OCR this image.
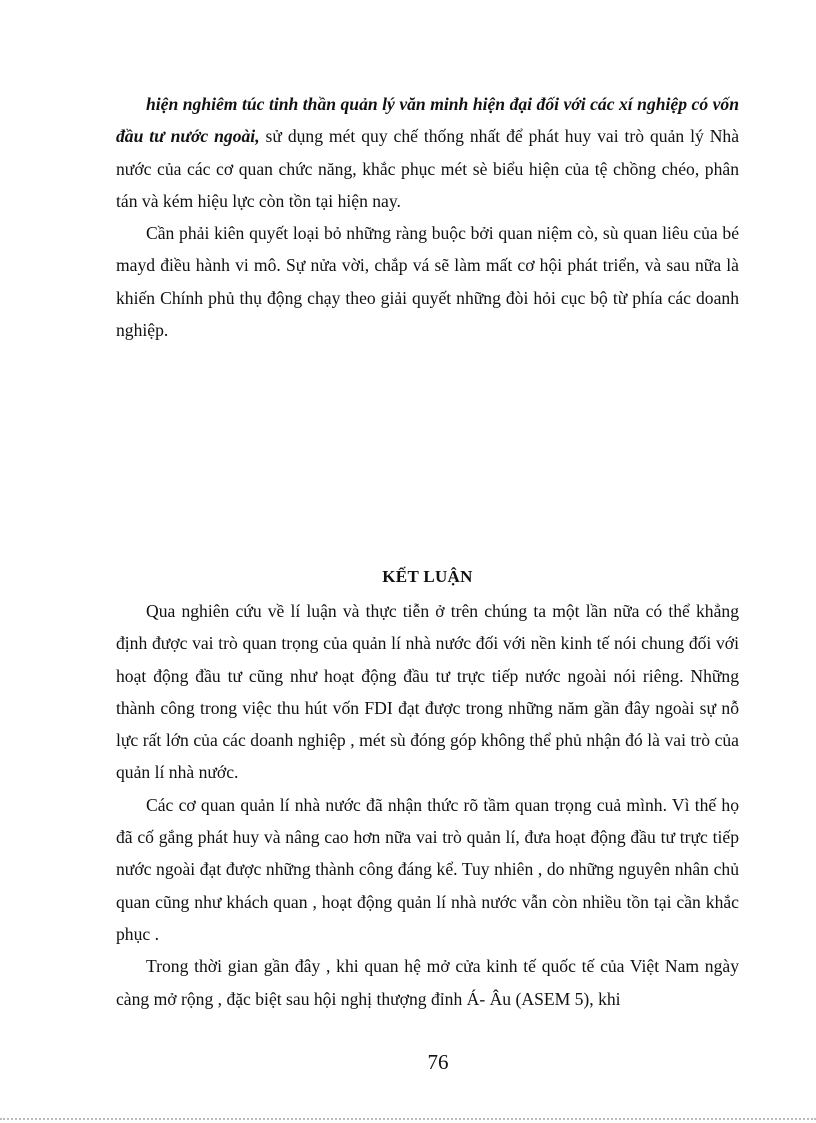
hiện nghiêm túc tinh thần quản lý văn minh hiện đại đối với các xí nghiệp có vốn đầu tư nước ngoài, sử dụng mét quy chế thống nhất để phát huy vai trò quản lý Nhà nước của các cơ quan chức năng, khắc phục mét sè biểu hiện của tệ chồng chéo, phân tán và kém hiệu lực còn tồn tại hiện nay.

Cần phải kiên quyết loại bỏ những ràng buộc bởi quan niệm cò, sù quan liêu của bé mayd điều hành vi mô. Sự nửa vời, chắp vá sẽ làm mất cơ hội phát triển, và sau nữa là khiến Chính phủ thụ động chạy theo giải quyết những đòi hỏi cục bộ từ phía các doanh nghiệp.

KẾT LUẬN

Qua nghiên cứu về lí luận và thực tiễn ở trên chúng ta một lần nữa có thể khẳng định được vai trò quan trọng của quản lí nhà nước đối với nền kinh tế nói chung đối với hoạt động đầu tư cũng như hoạt động đầu tư trực tiếp nước ngoài nói riêng. Những thành công trong việc thu hút vốn FDI đạt được trong những năm gần đây ngoài sự nỗ lực rất lớn của các doanh nghiệp , mét sù đóng góp không thể phủ nhận đó là vai trò của quản lí nhà nước.

Các cơ quan quản lí nhà nước đã nhận thức rõ tầm quan trọng cuả mình. Vì thế họ đã cố gắng phát huy và nâng cao hơn nữa vai trò quản lí, đưa hoạt động đầu tư trực tiếp nước ngoài đạt được những thành công đáng kể. Tuy nhiên , do những nguyên nhân chủ quan cũng như khách quan , hoạt động quản lí nhà nước vẫn còn nhiều tồn tại cần khắc phục .

Trong thời gian gần đây , khi quan hệ mở cửa kinh tế quốc tế của Việt Nam ngày càng mở rộng , đặc biệt sau hội nghị thượng đỉnh Á- Âu (ASEM 5), khi

76
